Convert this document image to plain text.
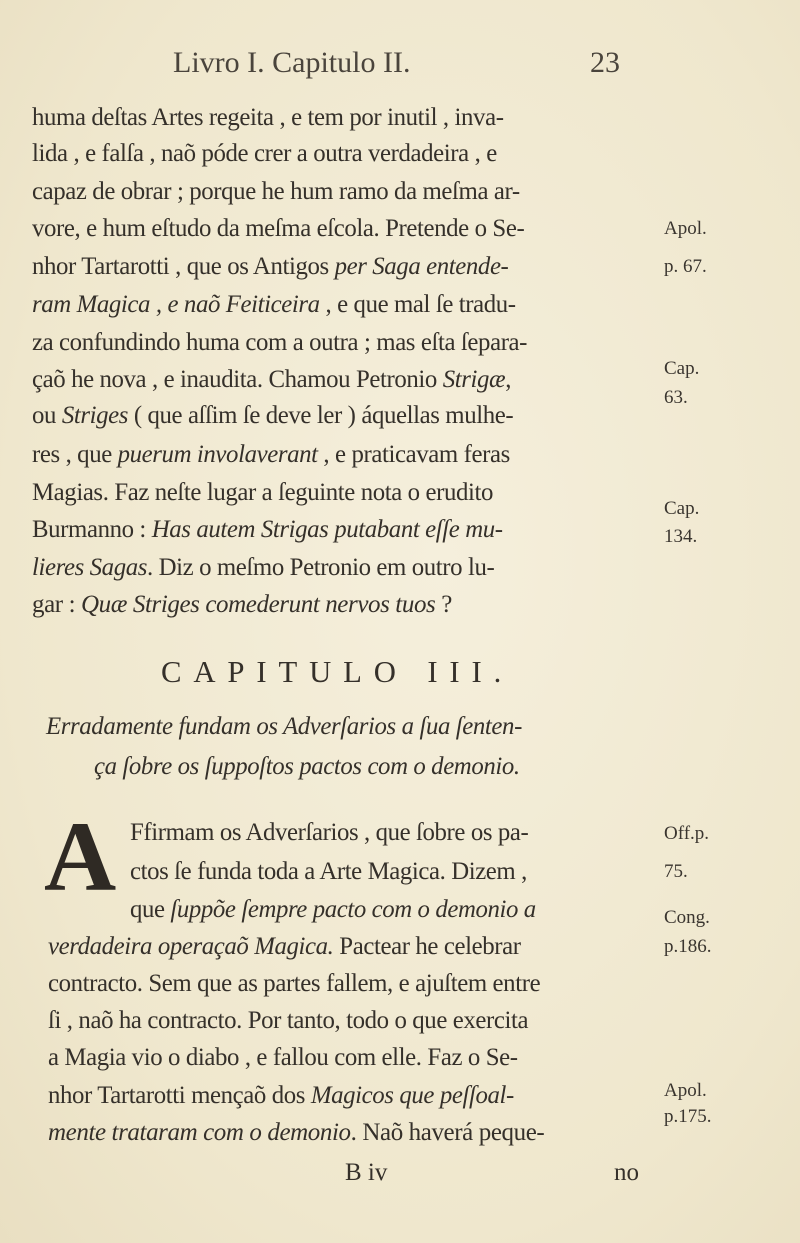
Livro I. Capitulo II.	23
huma deſtas Artes regeita , e tem por inutil , inva-
lida , e falſa , naõ póde crer a outra verdadeira , e
capaz de obrar ; porque he hum ramo da meſma ar-
vore, e hum eſtudo da meſma eſcola. Pretende o Se-
nhor Tartarotti , que os Antigos per Saga entende-
ram Magica , e naõ Feiticeira , e que mal ſe tradu-
za confundindo huma com a outra ; mas eſta ſepara-
çaõ he nova , e inaudita. Chamou Petronio Strigæ,
ou Striges ( que aſſim ſe deve ler ) áquellas mulhe-
res , que puerum involaverant , e praticavam feras
Magias. Faz neſte lugar a ſeguinte nota o erudito
Burmanno : Has autem Strigas putabant eſſe mu-
lieres Sagas. Diz o meſmo Petronio em outro lu-
gar : Quæ Striges comederunt nervos tuos ?
CAPITULO III.
Erradamente fundam os Adverſarios a ſua ſenten-
ça ſobre os ſuppoſtos pactos com o demonio.
A Ffirmam os Adverſarios , que ſobre os pa-
ctos ſe funda toda a Arte Magica. Dizem ,
que ſuppõe ſempre pacto com o demonio a
verdadeira operaçaõ Magica. Pactear he celebrar
contracto. Sem que as partes fallem, e ajuſtem entre
ſi , naõ ha contracto. Por tanto, todo o que exercita
a Magia vio o diabo , e fallou com elle. Faz o Se-
nhor Tartarotti mençaõ dos Magicos que peſſoal-
mente trataram com o demonio. Naõ haverá peque-
Apol.
p. 67.
Cap.
63.
Cap.
134.
Off.p.
75.
Cong.
p.186.
Apol.
p.175.
B iv	no
